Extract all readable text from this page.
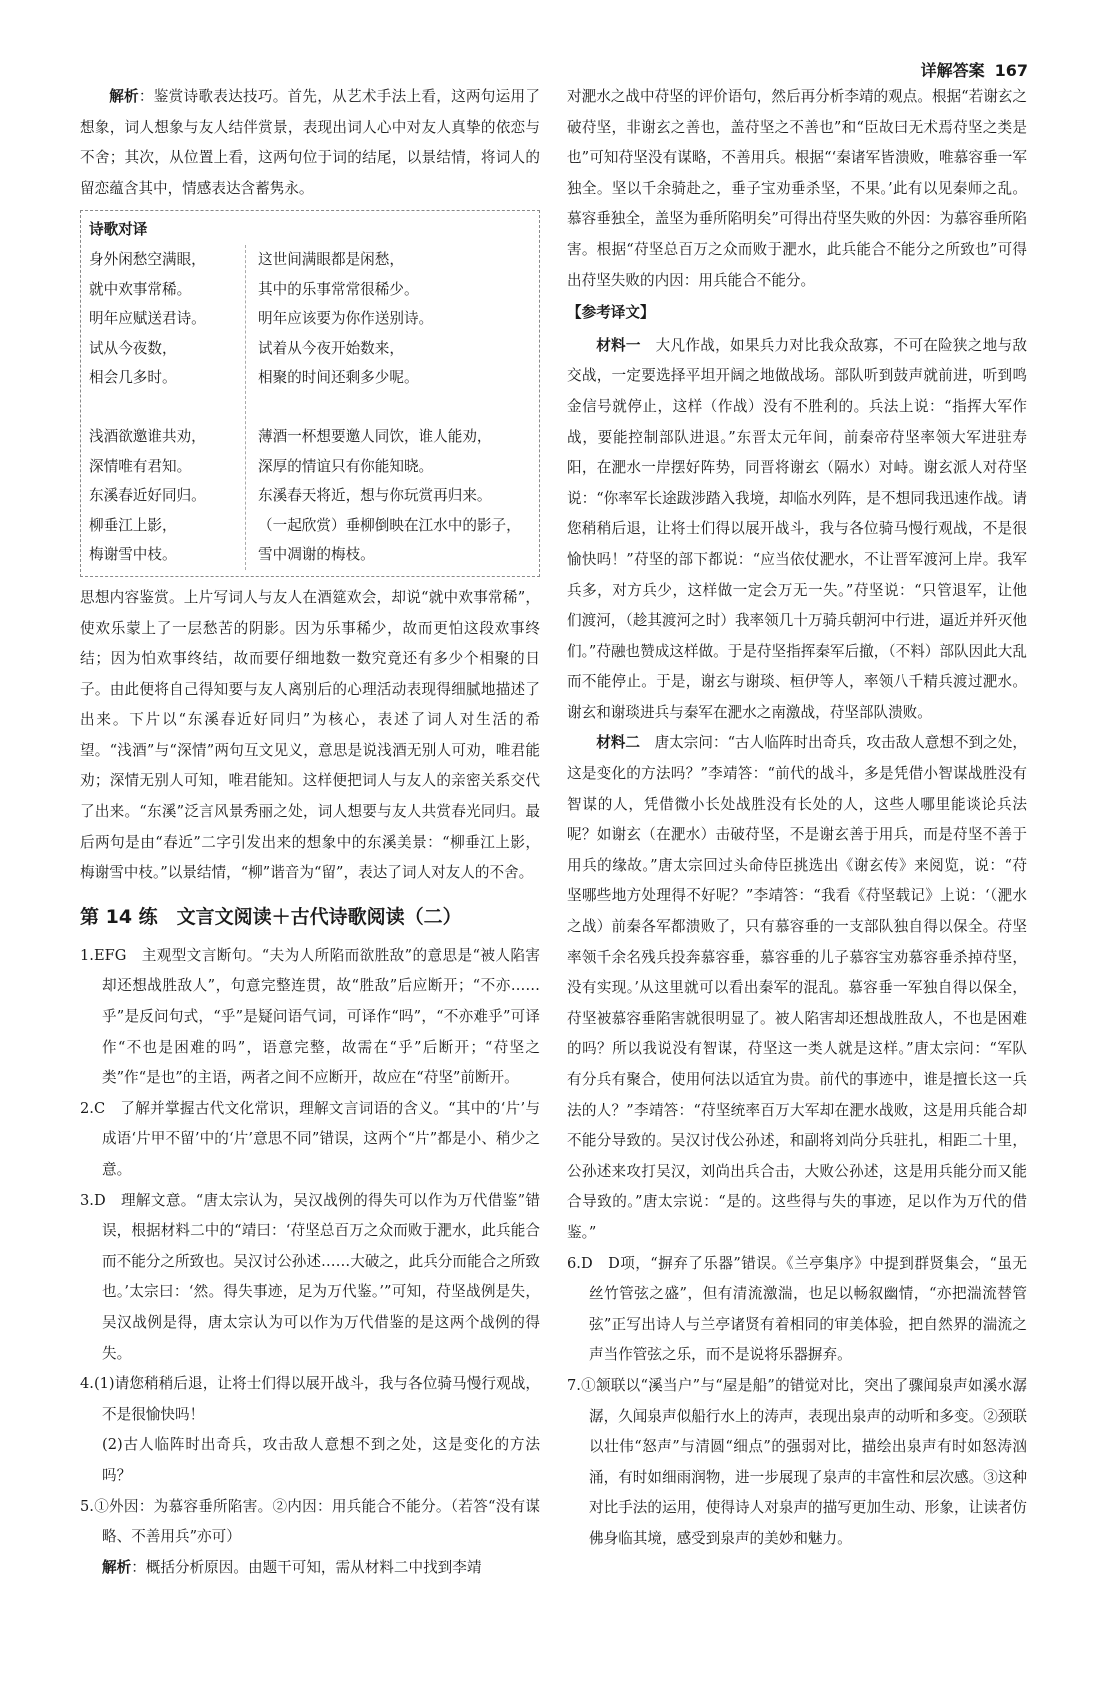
详解答案 167

解析：鉴赏诗歌表达技巧。首先，从艺术手法上看，这两句运用了想象，词人想象与友人结伴赏景，表现出词人心中对友人真挚的依恋与不舍；其次，从位置上看，这两句位于词的结尾，以景结情，将词人的留恋蕴含其中，情感表达含蓄隽永。

诗歌对译
身外闲愁空满眼，
就中欢事常稀。
明年应赋送君诗。
试从今夜数，
相会几多时。
浅酒欲邀谁共劝，
深情唯有君知。
东溪春近好同归。
柳垂江上影，
梅谢雪中枝。
这世间满眼都是闲愁，
其中的乐事常常很稀少。
明年应该要为你作送别诗。
试着从今夜开始数来，
相聚的时间还剩多少呢。
薄酒一杯想要邀人同饮，谁人能劝，
深厚的情谊只有你能知晓。
东溪春天将近，想与你玩赏再归来。
（一起欣赏）垂柳倒映在江水中的影子，
雪中凋谢的梅枝。

思想内容鉴赏。上片写词人与友人在酒筵欢会，却说“就中欢事常稀”，使欢乐蒙上了一层愁苦的阴影。因为乐事稀少，故而更怕这段欢事终结；因为怕欢事终结，故而要仔细地数一数究竟还有多少个相聚的日子。由此便将自己得知要与友人离别后的心理活动表现得细腻地描述了出来。下片以“东溪春近好同归”为核心，表述了词人对生活的希望。“浅酒”与“深情”两句互文见义，意思是说浅酒无别人可劝，唯君能劝；深情无别人可知，唯君能知。这样便把词人与友人的亲密关系交代了出来。“东溪”泛言风景秀丽之处，词人想要与友人共赏春光同归。最后两句是由“春近”二字引发出来的想象中的东溪美景：“柳垂江上影，梅谢雪中枝。”以景结情，“柳”谐音为“留”，表达了词人对友人的不舍。

第 14 练　文言文阅读＋古代诗歌阅读（二）

1.EFG　主观型文言断句。“夫为人所陷而欲胜敌”的意思是“被人陷害却还想战胜敌人”，句意完整连贯，故“胜敌”后应断开；“不亦……乎”是反问句式，“乎”是疑问语气词，可译作“吗”，“不亦难乎”可译作“不也是困难的吗”，语意完整，故需在“乎”后断开；“苻坚之类”作“是也”的主语，两者之间不应断开，故应在“苻坚”前断开。

2.C　了解并掌握古代文化常识，理解文言词语的含义。“其中的‘片’与成语‘片甲不留’中的‘片’意思不同”错误，这两个“片”都是小、稍少之意。

3.D　理解文意。“唐太宗认为，吴汉战例的得失可以作为万代借鉴”错误，根据材料二中的“靖曰：‘苻坚总百万之众而败于淝水，此兵能合而不能分之所致也。吴汉讨公孙述……大破之，此兵分而能合之所致也。’太宗曰：‘然。得失事迹，足为万代鉴。’”可知，苻坚战例是失，吴汉战例是得，唐太宗认为可以作为万代借鉴的是这两个战例的得失。

4.(1)请您稍稍后退，让将士们得以展开战斗，我与各位骑马慢行观战，不是很愉快吗！

(2)古人临阵时出奇兵，攻击敌人意想不到之处，这是变化的方法吗？

5.①外因：为慕容垂所陷害。②内因：用兵能合不能分。（若答“没有谋略、不善用兵”亦可）

解析：概括分析原因。由题干可知，需从材料二中找到李靖

对淝水之战中苻坚的评价语句，然后再分析李靖的观点。根据“若谢玄之破苻坚，非谢玄之善也，盖苻坚之不善也”和“臣故曰无术焉苻坚之类是也”可知苻坚没有谋略，不善用兵。根据“‘秦诸军皆溃败，唯慕容垂一军独全。坚以千余骑赴之，垂子宝劝垂杀坚，不果。’此有以见秦师之乱。慕容垂独全，盖坚为垂所陷明矣”可得出苻坚失败的外因：为慕容垂所陷害。根据“苻坚总百万之众而败于淝水，此兵能合不能分之所致也”可得出苻坚失败的内因：用兵能合不能分。

【参考译文】

材料一　大凡作战，如果兵力对比我众敌寡，不可在险狭之地与敌交战，一定要选择平坦开阔之地做战场。部队听到鼓声就前进，听到鸣金信号就停止，这样（作战）没有不胜利的。兵法上说：“指挥大军作战，要能控制部队进退。”东晋太元年间，前秦帝苻坚率领大军进驻寿阳，在淝水一岸摆好阵势，同晋将谢玄（隔水）对峙。谢玄派人对苻坚说：“你率军长途跋涉踏入我境，却临水列阵，是不想同我迅速作战。请您稍稍后退，让将士们得以展开战斗，我与各位骑马慢行观战，不是很愉快吗！”苻坚的部下都说：“应当依仗淝水，不让晋军渡河上岸。我军兵多，对方兵少，这样做一定会万无一失。”苻坚说：“只管退军，让他们渡河，（趁其渡河之时）我率领几十万骑兵朝河中行进，逼近并歼灭他们。”苻融也赞成这样做。于是苻坚指挥秦军后撤，（不料）部队因此大乱而不能停止。于是，谢玄与谢琰、桓伊等人，率领八千精兵渡过淝水。谢玄和谢琰进兵与秦军在淝水之南激战，苻坚部队溃败。

材料二　唐太宗问：“古人临阵时出奇兵，攻击敌人意想不到之处，这是变化的方法吗？”李靖答：“前代的战斗，多是凭借小智谋战胜没有智谋的人，凭借微小长处战胜没有长处的人，这些人哪里能谈论兵法呢？如谢玄（在淝水）击破苻坚，不是谢玄善于用兵，而是苻坚不善于用兵的缘故。”唐太宗回过头命侍臣挑选出《谢玄传》来阅览，说：“苻坚哪些地方处理得不好呢？”李靖答：“我看《苻坚载记》上说：‘（淝水之战）前秦各军都溃败了，只有慕容垂的一支部队独自得以保全。苻坚率领千余名残兵投奔慕容垂，慕容垂的儿子慕容宝劝慕容垂杀掉苻坚，没有实现。’从这里就可以看出秦军的混乱。慕容垂一军独自得以保全，苻坚被慕容垂陷害就很明显了。被人陷害却还想战胜敌人，不也是困难的吗？所以我说没有智谋，苻坚这一类人就是这样。”唐太宗问：“军队有分兵有聚合，使用何法以适宜为贵。前代的事迹中，谁是擅长这一兵法的人？”李靖答：“苻坚统率百万大军却在淝水战败，这是用兵能合却不能分导致的。吴汉讨伐公孙述，和副将刘尚分兵驻扎，相距二十里，公孙述来攻打吴汉，刘尚出兵合击，大败公孙述，这是用兵能分而又能合导致的。”唐太宗说：“是的。这些得与失的事迹，足以作为万代的借鉴。”

6.D　D项，“摒弃了乐器”错误。《兰亭集序》中提到群贤集会，“虽无丝竹管弦之盛”，但有清流激湍，也足以畅叙幽情，“亦把湍流替管弦”正写出诗人与兰亭诸贤有着相同的审美体验，把自然界的湍流之声当作管弦之乐，而不是说将乐器摒弃。

7.①颔联以“溪当户”与“屋是船”的错觉对比，突出了骤闻泉声如溪水潺潺，久闻泉声似船行水上的涛声，表现出泉声的动听和多变。②颈联以壮伟“怒声”与清圆“细点”的强弱对比，描绘出泉声有时如怒涛汹涌，有时如细雨润物，进一步展现了泉声的丰富性和层次感。③这种对比手法的运用，使得诗人对泉声的描写更加生动、形象，让读者仿佛身临其境，感受到泉声的美妙和魅力。
